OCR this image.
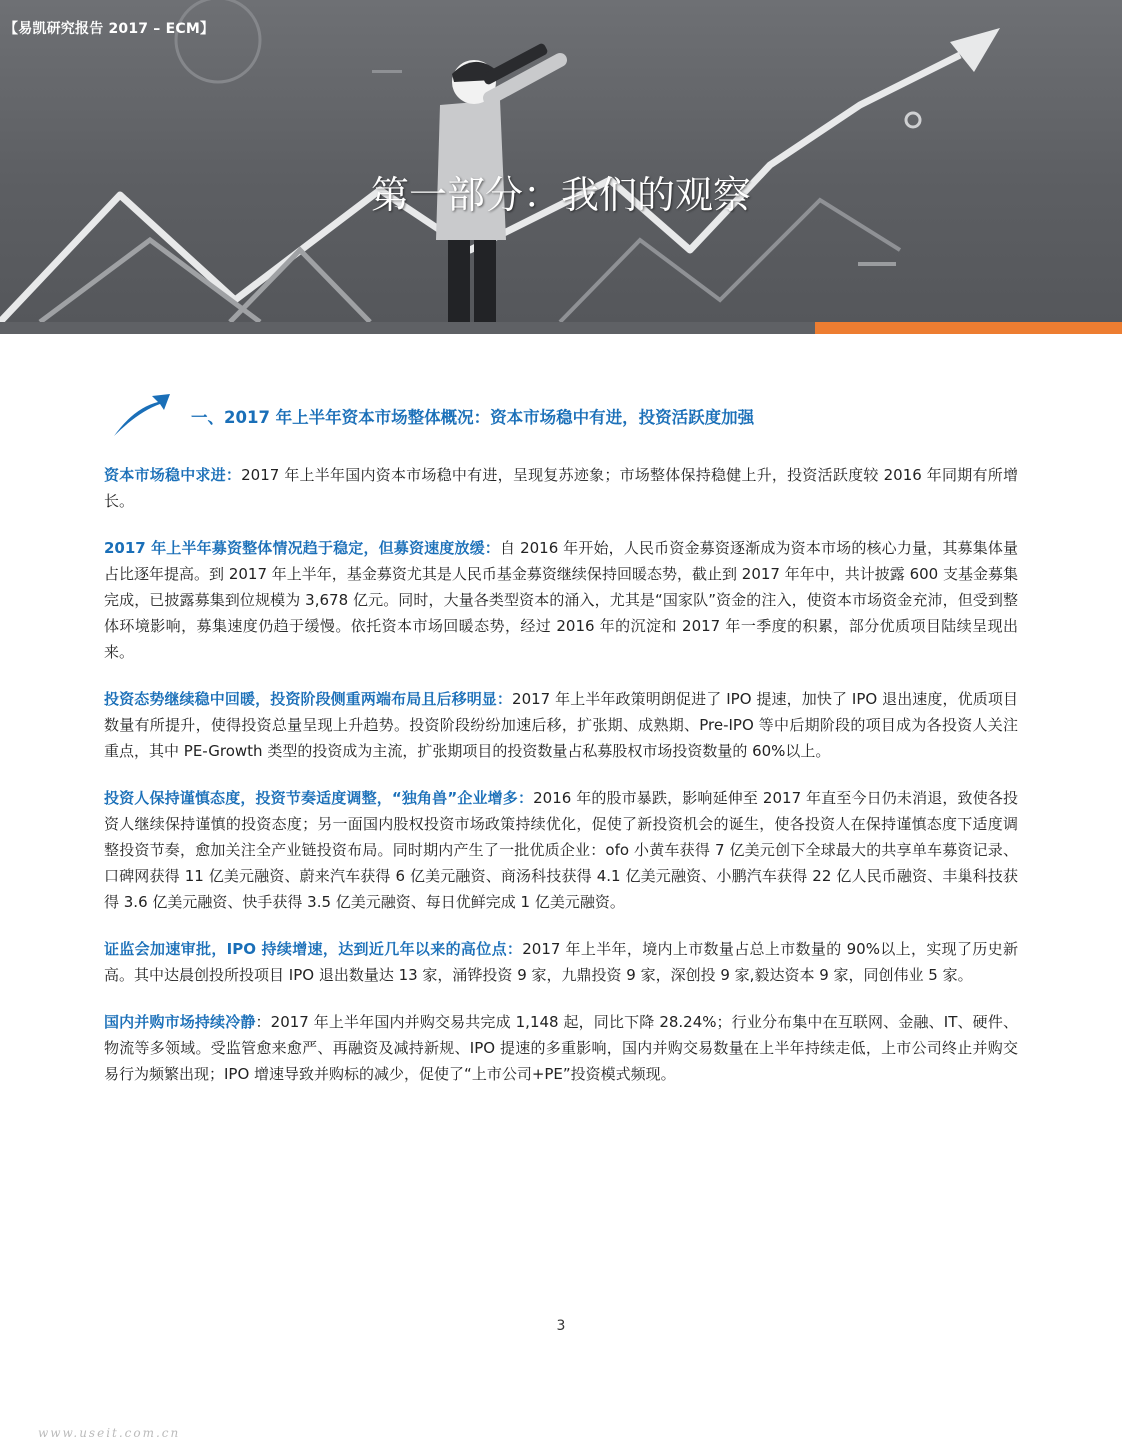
【易凯研究报告 2017 – ECM】
第一部分：我们的观察
一、2017 年上半年资本市场整体概况：资本市场稳中有进，投资活跃度加强

资本市场稳中求进：2017 年上半年国内资本市场稳中有进，呈现复苏迹象；市场整体保持稳健上升，投资活跃度较 2016 年同期有所增长。

2017 年上半年募资整体情况趋于稳定，但募资速度放缓：自 2016 年开始，人民币资金募资逐渐成为资本市场的核心力量，其募集体量占比逐年提高。到 2017 年上半年，基金募资尤其是人民币基金募资继续保持回暖态势，截止到 2017 年年中，共计披露 600 支基金募集完成，已披露募集到位规模为 3,678 亿元。同时，大量各类型资本的涌入，尤其是“国家队”资金的注入，使资本市场资金充沛，但受到整体环境影响，募集速度仍趋于缓慢。依托资本市场回暖态势，经过 2016 年的沉淀和 2017 年一季度的积累，部分优质项目陆续呈现出来。

投资态势继续稳中回暖，投资阶段侧重两端布局且后移明显：2017 年上半年政策明朗促进了 IPO 提速，加快了 IPO 退出速度，优质项目数量有所提升，使得投资总量呈现上升趋势。投资阶段纷纷加速后移，扩张期、成熟期、Pre-IPO 等中后期阶段的项目成为各投资人关注重点，其中 PE-Growth 类型的投资成为主流，扩张期项目的投资数量占私募股权市场投资数量的 60%以上。

投资人保持谨慎态度，投资节奏适度调整，“独角兽”企业增多：2016 年的股市暴跌，影响延伸至 2017 年直至今日仍未消退，致使各投资人继续保持谨慎的投资态度；另一面国内股权投资市场政策持续优化，促使了新投资机会的诞生，使各投资人在保持谨慎态度下适度调整投资节奏，愈加关注全产业链投资布局。同时期内产生了一批优质企业：ofo 小黄车获得 7 亿美元创下全球最大的共享单车募资记录、口碑网获得 11 亿美元融资、蔚来汽车获得 6 亿美元融资、商汤科技获得 4.1 亿美元融资、小鹏汽车获得 22 亿人民币融资、丰巢科技获得 3.6 亿美元融资、快手获得 3.5 亿美元融资、每日优鲜完成 1 亿美元融资。

证监会加速审批，IPO 持续增速，达到近几年以来的高位点：2017 年上半年，境内上市数量占总上市数量的 90%以上，实现了历史新高。其中达晨创投所投项目 IPO 退出数量达 13 家，涌铧投资 9 家，九鼎投资 9 家，深创投 9 家,毅达资本 9 家，同创伟业 5 家。

国内并购市场持续冷静：2017 年上半年国内并购交易共完成 1,148 起，同比下降 28.24%；行业分布集中在互联网、金融、IT、硬件、物流等多领域。受监管愈来愈严、再融资及减持新规、IPO 提速的多重影响，国内并购交易数量在上半年持续走低，上市公司终止并购交易行为频繁出现；IPO 增速导致并购标的减少，促使了“上市公司+PE”投资模式频现。

3
www.useit.com.cn
